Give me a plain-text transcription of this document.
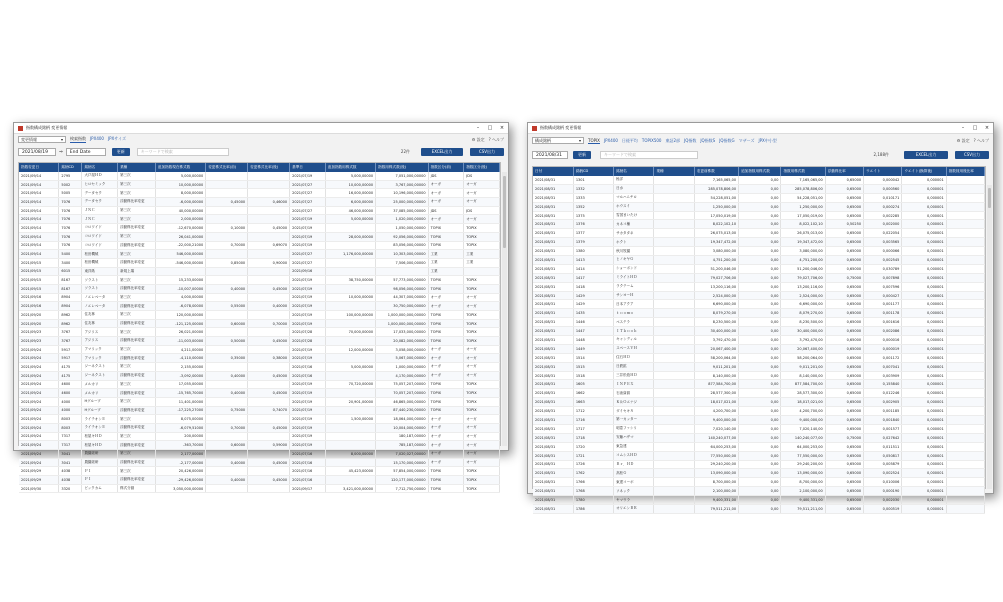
指数構成銘柄 変更情報	–	□	×
変更情報	▾ 検索指数 JPX400 JPXサイズ	⚙ 設定 ? ヘルプ
2021/08/19	⇒	End Date	更新	キーワードで検索	22件	EXCEL出力	CSV出力
指数変更日	銘柄CD	銘柄名	業種	追加指数現在株式数	変更株式比率(前)	変更株式比率(後)	基準日	追加指数用株式数	指数用株式数(後)	指数区分(前)	指数区分(後)
2021/09/14	2795	大戸屋ＨＤ	第三次	5,000,00000			2021/07/19	5,000,00000	7,051,000,00000	JDS	JDS
2021/09/14	5002	ヒロセミック	第三次	10,000,00000			2021/07/27	10,000,00000	3,767,000,00000	オーガ	オーガ
2021/09/14	5005	データセク	第三次	8,000,00000			2021/07/27	16,000,00000	10,196,000,00000	オーガ	オーガ
2021/09/14	7076	データセク	浮動株比率変更	-6,000,00000	0,45000	0,46000	2021/07/27	6,000,00000	25,000,000,00000	オーガ	オーガ
2021/09/14	7076	ＪＮＣ	第三次	40,000,00000			2021/07/27	46,000,00000	37,085,000,00000	JDS	JDS
2021/09/14	7076	ＪＮＣ	第三次	2,000,00000			2021/07/19	5,000,00000	1,020,000,00000	オーガ	オーガ
2021/09/14	7076	コロワイド	浮動株比率変更	-12,670,00000	0,10000	0,45000	2021/07/19		1,050,000,00000	TOPIX	TOPIX
2021/09/14	7076	コロワイド	第三次	26,041,00000			2021/07/19	28,000,00000	92,056,000,00000	TOPIX	TOPIX
2021/09/14	7076	コロワイド	浮動株比率変更	-22,000,21000	0,70000	0,69070	2021/07/19		83,056,000,00000	TOPIX	TOPIX
2021/09/14	5400	松田機械	第三次	546,000,00000			2021/07/27	1,176,000,00000	10,303,000,00000	工業	工業
2021/09/15	3400	松田機械	浮動株比率変更	-546,000,00000	0,85000	0,90000	2021/07/27		7,506,000,00000	工業	工業
2021/09/15	6015	東洋紙	新規上場				2021/09/16			工業	
2021/09/15	8167	ソラスト	第三次	15,233,00000			2021/07/19	38,750,00000	57,773,000,00000	TOPIX	TOPIX
2021/09/15	8167	ソラスト	浮動株比率変更	-10,007,00000	0,40000	0,45000	2021/07/19		98,056,000,00000	TOPIX	TOPIX
2021/09/16	8904	ノエレベータ	第三次	4,000,00000			2021/07/19	10,000,00000	44,307,000,00000	オーガ	オーガ
2021/09/16	8904	ノエレベータ	浮動株比率変更	-6,078,00000	0,55000	0,40000	2021/07/19		30,750,000,00000	オーガ	オーガ
2021/09/20	8962	住友林	第三次	120,000,00000			2021/07/19	100,000,00000	1,000,000,000,00000	TOPIX	TOPIX
2021/09/20	8962	住友林	浮動株比率変更	-121,125,00000	0,60000	0,70000	2021/07/19		1,000,000,000,00000	TOPIX	TOPIX
2021/09/23	3767	アジリス	第三次	26,021,00000			2021/07/28	70,000,00000	17,033,000,00000	TOPIX	TOPIX
2021/09/23	3767	アジリス	浮動株比率変更	-11,003,00000	0,50000	0,45000	2021/07/28		20,082,000,00000	TOPIX	TOPIX
2021/09/24	5917	アマリック	第三次	4,211,00000			2021/07/19	12,000,00000	3,058,000,00000	オーガ	オーガ
2021/09/24	5917	アマリック	浮動株比率変更	-4,110,00000	0,35000	0,38000	2021/07/19		5,067,000,00000	オーガ	オーガ
2021/09/24	4175	ジーネクスト	第三次	2,155,00000			2021/07/16	5,000,00000	1,000,000,00000	オーガ	オーガ
2021/09/24	4175	ジーネクスト	浮動株比率変更	-3,092,00000	0,40000	0,45000	2021/07/16		4,170,000,00000	オーガ	オーガ
2021/09/24	4600	メルカリ	第三次	17,055,00000			2021/07/19	70,720,00000	75,057,207,00000	TOPIX	TOPIX
2021/09/24	4600	メルカリ	浮動株比率変更	-15,765,70000	0,40000	0,45000	2021/07/19		70,057,207,00000	TOPIX	TOPIX
2021/09/24	4000	Hグループ	第三次	11,401,00000			2021/07/19	20,901,00000	46,865,000,00000	TOPIX	TOPIX
2021/09/24	4000	Hグループ	浮動株比率変更	-17,225,27000	0,75000	0,74070	2021/07/19		87,440,230,00000	TOPIX	TOPIX
2021/09/24	8003	ライテオンＥ	第三次	8,075,00000			2021/07/19	1,500,00000	18,064,000,00000	オーガ	オーガ
2021/09/24	8003	ライテオンＥ	浮動株比率変更	-6,079,51000	0,70000	0,45000	2021/07/19		10,004,000,00000	オーガ	オーガ
2021/09/24	7317	松屋キＨＤ	第三次	200,00000			2021/07/19		180,187,00000	オーガ	オーガ
2021/09/24	7317	松屋キＨＤ	浮動株比率変更	-363,70000	0,60000	0,59000	2021/07/19		785,187,00000	オーガ	オーガ
2021/09/24	3041	農園総研	第三次	2,177,00000			2021/07/16	8,000,00000	7,020,027,00000	オーガ	オーガ
2021/09/24	3041	農園総研	浮動株比率変更	-2,177,00000	0,40000	0,45000	2021/07/16		15,170,000,00000	オーガ	オーガ
2021/09/29	4038	ＰＩ	第三次	20,426,00000			2021/07/16	45,423,00000	57,854,000,00000	TOPIX	TOPIX
2021/09/29	4038	ＰＩ	浮動株比率変更	-29,426,00000	0,40000	0,45000	2021/07/16		120,177,000,00000	TOPIX	TOPIX
2021/09/30	3320	ビックカム	株式分割	3,050,000,00000			2021/09/17	3,421,000,00000	7,712,750,00000	TOPIX	TOPIX
指数構成銘柄 変更情報	–	□	×
構成銘柄	▾ TOPIX JPX400 日経平均 TOPIX500 東証2部 JQ指数 JQ指数S JQ指数G マザーズ JPX中小型	⚙ 設定 ? ヘルプ
2021/08/31	更新	キーワードで検索	2,188件	EXCEL出力	CSV出力
日付	銘柄CD	銘柄名	業種	変更前株数	追加指数用株式数	指数用株式数	浮動株比率	ウエイト	ウエイト(換算後)	指数採用後比率
2021/08/31	1301	極洋		7,165,065,00	0,00	7,165,065,00	0,65000	0,000042	0,000001	
2021/08/31	1332	日水		285,078,806,00	0,00	285,078,806,00	0,65000	0,000560	0,000001	
2021/08/31	1333	マルハニチロ		54,228,051,00	0,00	54,228,051,00	0,65000	0,010171	0,000001	
2021/08/31	1352	ホウスイ		1,250,000,00	0,00	1,250,000,00	0,65000	0,000274	0,000001	
2021/08/31	1375	雪国まいたけ		17,050,019,00	0,00	17,050,019,00	0,65000	0,002285	0,000001	
2021/08/31	1376	カネコ種		8,022,102,10	0,00	8,022,102,10	0,50250	0,002000	0,000001	
2021/08/31	1377	サカタタネ		26,075,013,00	0,00	26,075,013,00	0,65000	0,022054	0,000001	
2021/08/31	1379	ホクト		19,347,472,00	0,00	19,347,472,00	0,65000	0,003565	0,000001	
2021/08/31	1380	秋川牧園		3,080,000,00	0,00	3,080,000,00	0,65000	0,000066	0,000001	
2021/08/31	1413	ヒノキヤＧ		4,751,200,00	0,00	4,751,200,00	0,65000	0,002545	0,000001	
2021/08/31	1414	ショーボンド		51,200,046,00	0,00	51,200,046,00	0,65000	0,030789	0,000001	
2021/08/31	1417	ミライトＨＤ		79,027,706,00	0,00	79,027,706,00	0,75000	0,007898	0,000001	
2021/08/31	1418	ラクテーム		13,200,116,00	0,00	13,200,116,00	0,65000	0,007596	0,000001	
2021/08/31	1429	サンヨーＨ		2,524,000,00	0,00	2,524,000,00	0,65000	0,000427	0,000001	
2021/08/31	1429	日本アクア		6,690,000,00	0,00	6,690,000,00	0,65000	0,001177	0,000001	
2021/08/31	1435	ｔｏｏｍｏ		8,079,270,00	0,00	8,079,270,00	0,65000	0,001178	0,000001	
2021/08/31	1446	ベステラ		8,230,500,00	0,00	8,230,500,00	0,65000	0,001616	0,000001	
2021/08/31	1447	ＩＴｂｏｏｋ		30,400,000,00	0,00	30,400,000,00	0,65000	0,002086	0,000001	
2021/08/31	1448	キャンディル		3,792,470,00	0,00	3,792,470,00	0,65000	0,000016	0,000001	
2021/08/31	1449	スペースＶＨ		20,067,400,00	0,00	20,067,400,00	0,65000	0,000019	0,000001	
2021/08/31	1514	住石ＨＤ		58,200,064,00	0,00	58,200,064,00	0,65000	0,001172	0,000001	
2021/08/31	1515	日鉄鉱		9,011,201,00	0,00	9,011,201,00	0,65000	0,007041	0,000001	
2021/08/31	1518	三井松島ＨＤ		8,140,000,00	0,00	8,140,000,00	0,65000	0,003909	0,000001	
2021/08/31	1605	ＩＮＰＥＸ		877,584,700,00	0,00	877,584,700,00	0,65000	0,155840	0,000001	
2021/08/31	1662	石油資源		28,577,300,00	0,00	28,577,300,00	0,65000	0,012246	0,000001	
2021/08/31	1663	Ｋ＆Ｏエナジ		18,017,021,00	0,00	18,017,021,00	0,65000	0,002905	0,000001	
2021/08/31	1712	ダイセキＳ		4,200,700,00	0,00	4,200,700,00	0,65000	0,001185	0,000001	
2021/08/31	1716	第一カッター		9,400,000,00	0,00	9,400,000,00	0,65000	0,001840	0,000001	
2021/08/31	1717	明豊ファシリ		7,020,140,00	0,00	7,020,140,00	0,65000	0,001577	0,000001	
2021/08/31	1718	安藤ハザマ		140,240,077,00	0,00	140,240,077,00	0,75000	0,027642	0,000001	
2021/08/31	1720	東急建		64,000,253,00	0,00	64,000,253,00	0,65000	0,011511	0,000001	
2021/08/31	1721	コムシスＨＤ		77,550,000,00	0,00	77,550,000,00	0,65000	0,050817	0,000001	
2021/08/31	1726	Ｂｒ．ＨＤ		29,240,200,00	0,00	29,240,200,00	0,65000	0,005879	0,000001	
2021/08/31	1762	高松Ｇ		13,090,000,00	0,00	13,090,000,00	0,65000	0,002524	0,000001	
2021/08/31	1766	東建コーポ		8,700,000,00	0,00	8,700,000,00	0,65000	0,010006	0,000001	
2021/08/31	1768	ソネック		2,100,000,00	0,00	2,100,000,00	0,65000	0,000190	0,000001	
2021/08/31	1780	ヤマウラ		9,400,331,00	0,00	9,400,331,00	0,65000	0,002030	0,000001	
2021/08/31	1786	オリエンＢＲ		79,511,211,00	0,00	79,511,211,00	0,65000	0,000519	0,000001	
